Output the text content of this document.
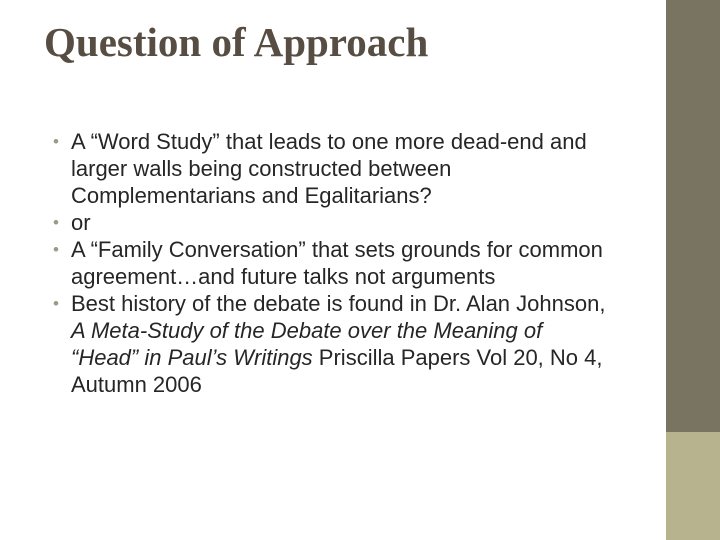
Question of Approach
• A “Word Study” that leads to one more dead-end and larger walls being constructed between Complementarians and Egalitarians?
• or
• A “Family Conversation” that sets grounds for common agreement…and future talks not arguments
• Best history of the debate is found in Dr. Alan Johnson, A Meta-Study of the Debate over the Meaning of “Head” in Paul’s Writings Priscilla Papers Vol 20, No 4, Autumn 2006
